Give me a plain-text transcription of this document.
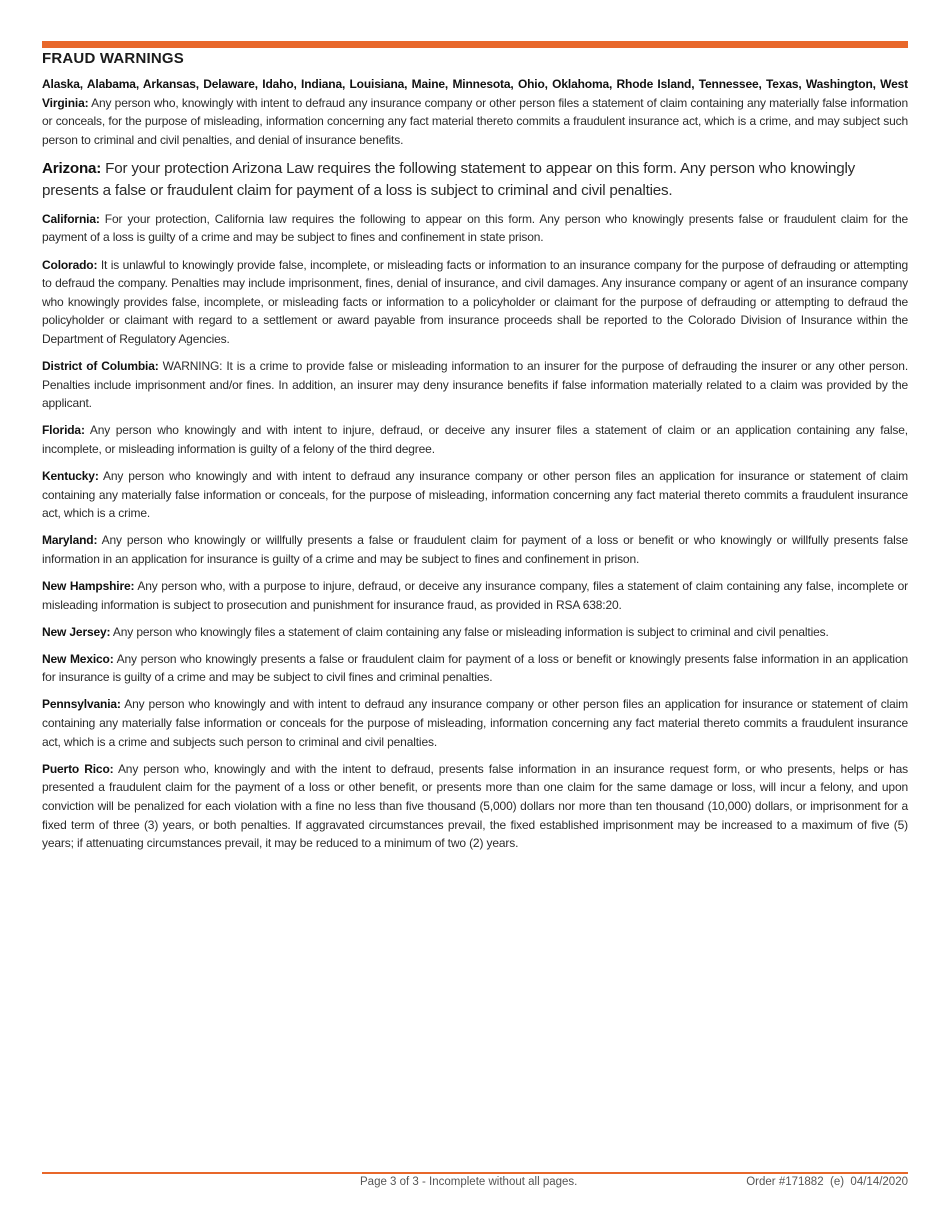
FRAUD WARNINGS

Alaska, Alabama, Arkansas, Delaware, Idaho, Indiana, Louisiana, Maine, Minnesota, Ohio, Oklahoma, Rhode Island, Tennessee, Texas, Washington, West Virginia: Any person who, knowingly with intent to defraud any insurance company or other person files a statement of claim containing any materially false information or conceals, for the purpose of misleading, information concerning any fact material thereto commits a fraudulent insurance act, which is a crime, and may subject such person to criminal and civil penalties, and denial of insurance benefits.

Arizona: For your protection Arizona Law requires the following statement to appear on this form. Any person who knowingly presents a false or fraudulent claim for payment of a loss is subject to criminal and civil penalties.

California: For your protection, California law requires the following to appear on this form. Any person who knowingly presents false or fraudulent claim for the payment of a loss is guilty of a crime and may be subject to fines and confinement in state prison.

Colorado: It is unlawful to knowingly provide false, incomplete, or misleading facts or information to an insurance company for the purpose of defrauding or attempting to defraud the company. Penalties may include imprisonment, fines, denial of insurance, and civil damages. Any insurance company or agent of an insurance company who knowingly provides false, incomplete, or misleading facts or information to a policyholder or claimant for the purpose of defrauding or attempting to defraud the policyholder or claimant with regard to a settlement or award payable from insurance proceeds shall be reported to the Colorado Division of Insurance within the Department of Regulatory Agencies.

District of Columbia: WARNING: It is a crime to provide false or misleading information to an insurer for the purpose of defrauding the insurer or any other person. Penalties include imprisonment and/or fines. In addition, an insurer may deny insurance benefits if false information materially related to a claim was provided by the applicant.

Florida: Any person who knowingly and with intent to injure, defraud, or deceive any insurer files a statement of claim or an application containing any false, incomplete, or misleading information is guilty of a felony of the third degree.

Kentucky: Any person who knowingly and with intent to defraud any insurance company or other person files an application for insurance or statement of claim containing any materially false information or conceals, for the purpose of misleading, information concerning any fact material thereto commits a fraudulent insurance act, which is a crime.

Maryland: Any person who knowingly or willfully presents a false or fraudulent claim for payment of a loss or benefit or who knowingly or willfully presents false information in an application for insurance is guilty of a crime and may be subject to fines and confinement in prison.

New Hampshire: Any person who, with a purpose to injure, defraud, or deceive any insurance company, files a statement of claim containing any false, incomplete or misleading information is subject to prosecution and punishment for insurance fraud, as provided in RSA 638:20.

New Jersey: Any person who knowingly files a statement of claim containing any false or misleading information is subject to criminal and civil penalties.

New Mexico: Any person who knowingly presents a false or fraudulent claim for payment of a loss or benefit or knowingly presents false information in an application for insurance is guilty of a crime and may be subject to civil fines and criminal penalties.

Pennsylvania: Any person who knowingly and with intent to defraud any insurance company or other person files an application for insurance or statement of claim containing any materially false information or conceals for the purpose of misleading, information concerning any fact material thereto commits a fraudulent insurance act, which is a crime and subjects such person to criminal and civil penalties.

Puerto Rico: Any person who, knowingly and with the intent to defraud, presents false information in an insurance request form, or who presents, helps or has presented a fraudulent claim for the payment of a loss or other benefit, or presents more than one claim for the same damage or loss, will incur a felony, and upon conviction will be penalized for each violation with a fine no less than five thousand (5,000) dollars nor more than ten thousand (10,000) dollars, or imprisonment for a fixed term of three (3) years, or both penalties. If aggravated circumstances prevail, the fixed established imprisonment may be increased to a maximum of five (5) years; if attenuating circumstances prevail, it may be reduced to a minimum of two (2) years.

Page 3 of 3 - Incomplete without all pages.	Order #171882  (e)  04/14/2020
